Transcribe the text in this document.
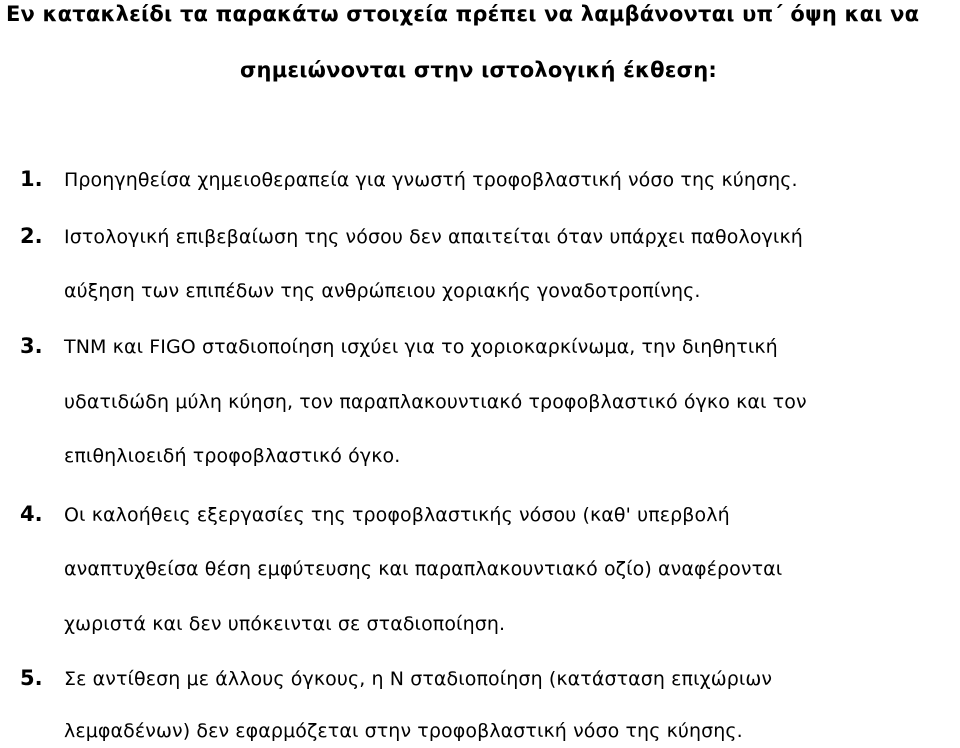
Εν κατακλείδι τα παρακάτω στοιχεία πρέπει να λαμβάνονται υπ΄ όψη και να
σημειώνονται στην ιστολογική έκθεση:
1. Προηγηθείσα χημειοθεραπεία για γνωστή τροφοβλαστική νόσο της κύησης.
2. Ιστολογική επιβεβαίωση της νόσου δεν απαιτείται όταν υπάρχει παθολογική
αύξηση των επιπέδων της ανθρώπειου χοριακής γοναδοτροπίνης.
3. TNM και FIGO σταδιοποίηση ισχύει για το χοριοκαρκίνωμα, την διηθητική
υδατιδώδη μύλη κύηση, τον παραπλακουντιακό τροφοβλαστικό όγκο και τον
επιθηλιοειδή τροφοβλαστικό όγκο.
4. Οι καλοήθεις εξεργασίες της τροφοβλαστικής νόσου (καθ' υπερβολή
αναπτυχθείσα θέση εμφύτευσης και παραπλακουντιακό οζίο) αναφέρονται
χωριστά και δεν υπόκεινται σε σταδιοποίηση.
5. Σε αντίθεση με άλλους όγκους, η Ν σταδιοποίηση (κατάσταση επιχώριων
λεμφαδένων) δεν εφαρμόζεται στην τροφοβλαστική νόσο της κύησης.
